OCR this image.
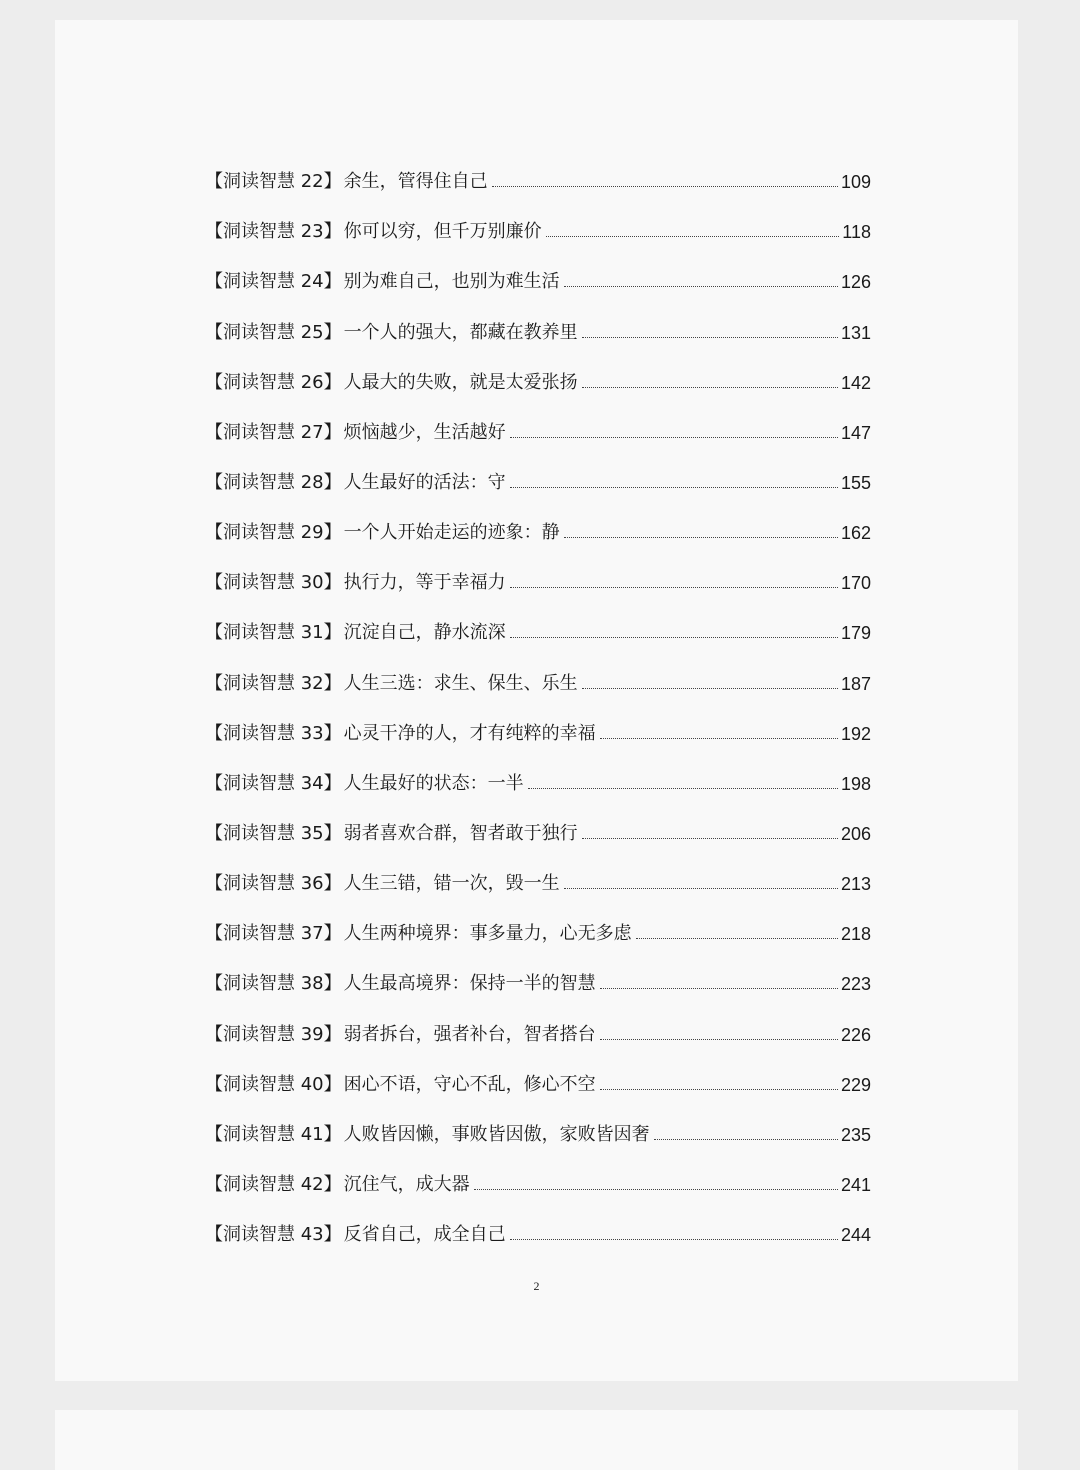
【洞读智慧 22】 余生，管得住自己	109
【洞读智慧 23】 你可以穷，但千万别廉价	118
【洞读智慧 24】 别为难自己，也别为难生活	126
【洞读智慧 25】 一个人的强大，都藏在教养里	131
【洞读智慧 26】 人最大的失败，就是太爱张扬	142
【洞读智慧 27】 烦恼越少，生活越好	147
【洞读智慧 28】 人生最好的活法：守	155
【洞读智慧 29】 一个人开始走运的迹象：静	162
【洞读智慧 30】 执行力，等于幸福力	170
【洞读智慧 31】 沉淀自己，静水流深	179
【洞读智慧 32】 人生三选：求生、保生、乐生	187
【洞读智慧 33】 心灵干净的人，才有纯粹的幸福	192
【洞读智慧 34】 人生最好的状态：一半	198
【洞读智慧 35】 弱者喜欢合群，智者敢于独行	206
【洞读智慧 36】 人生三错，错一次，毁一生	213
【洞读智慧 37】 人生两种境界：事多量力，心无多虑	218
【洞读智慧 38】 人生最高境界：保持一半的智慧	223
【洞读智慧 39】 弱者拆台，强者补台，智者搭台	226
【洞读智慧 40】 困心不语，守心不乱，修心不空	229
【洞读智慧 41】 人败皆因懒，事败皆因傲，家败皆因奢	235
【洞读智慧 42】 沉住气，成大器	241
【洞读智慧 43】 反省自己，成全自己	244
2
